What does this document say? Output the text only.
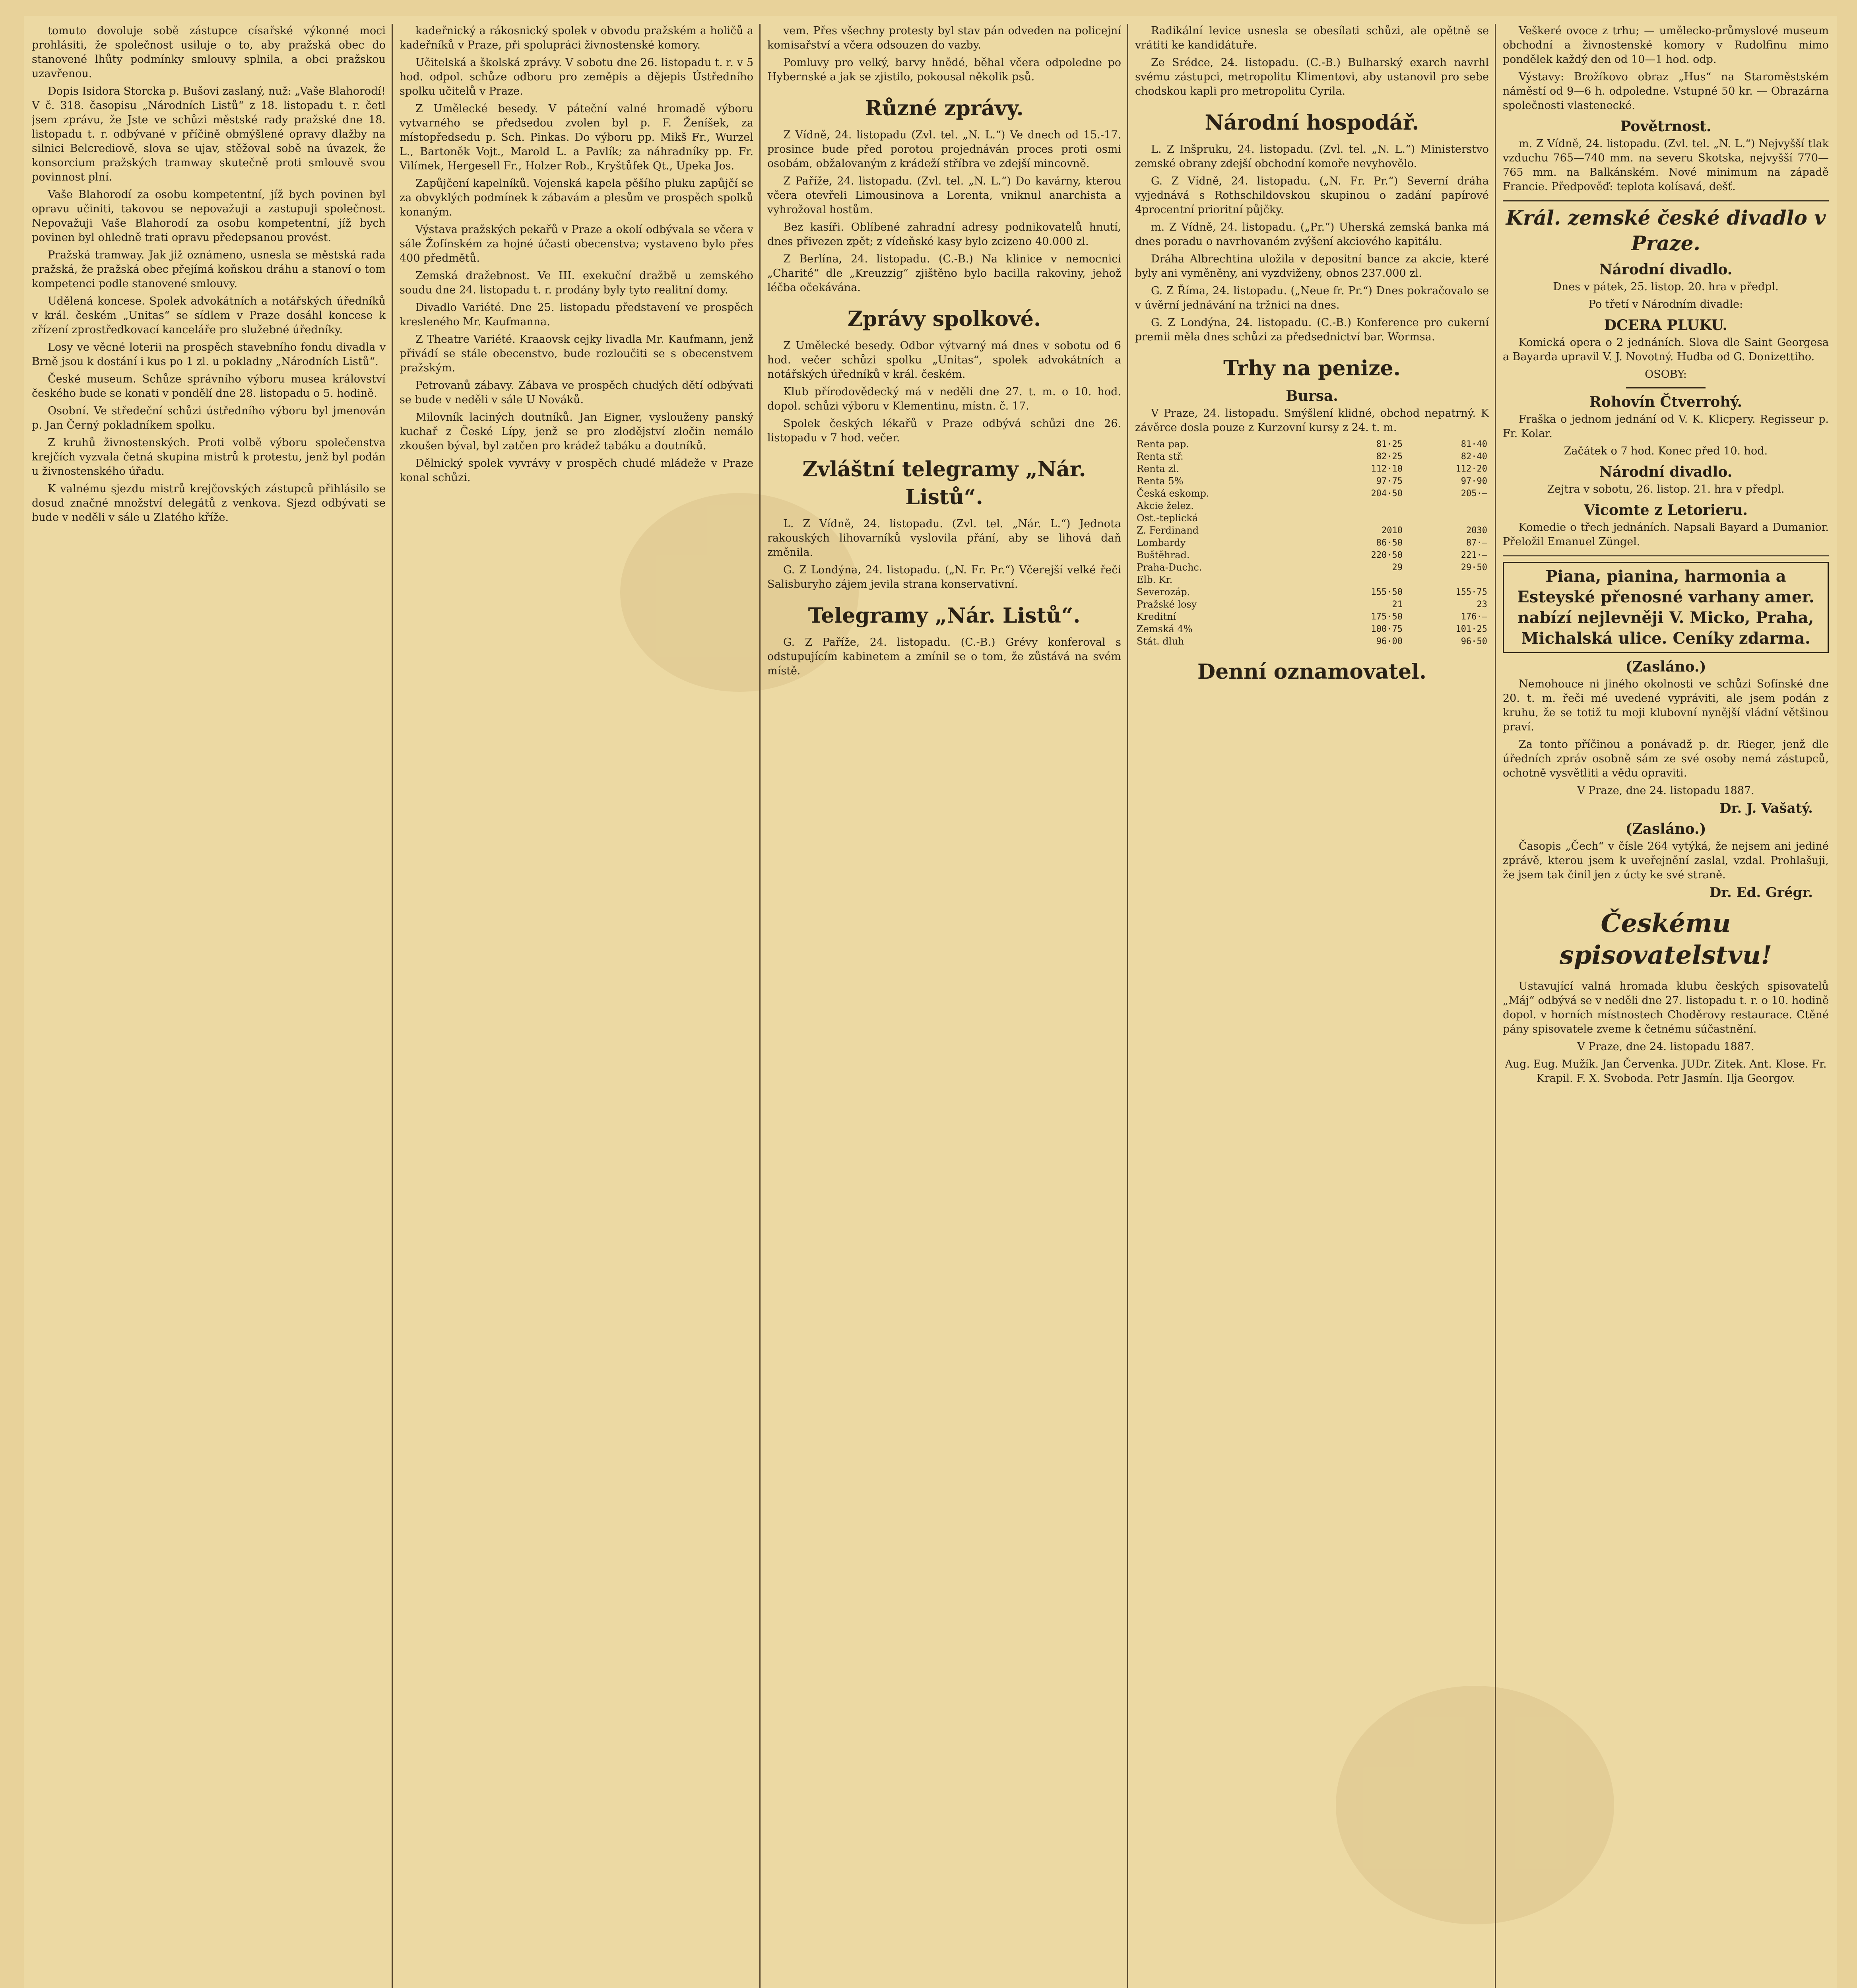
tomuto dovoluje sobě zástupce císařské výkonné moci prohlásiti, že společnost usiluje o to, aby pražská obec do stanovené lhůty podmínky smlouvy splnila, a obci pražskou uzavřenou.

Dopis Isidora Storcka p. Bušovi zaslaný, nuž: „Vaše Blahorodí! V č. 318. časopisu „Národních Listů“ z 18. listopadu t. r. četl jsem zprávu, že Jste ve schůzi městské rady pražské dne 18. listopadu t. r. odbývané v příčině obmýšlené opravy dlažby na silnici Belcrediově, slova se ujav, stěžoval sobě na úvazek, že konsorcium pražských tramway skutečně proti smlouvě svou povinnost plní.

Vaše Blahorodí za osobu kompetentní, jíž bych povinen byl opravu učiniti, takovou se nepovažuji a zastupuji společnost. Nepovažuji Vaše Blahorodí za osobu kompetentní, jíž bych povinen byl ohledně trati opravu předepsanou provést.

Pražská tramway. Jak již oznámeno, usnesla se městská rada pražská, že pražská obec přejímá koňskou dráhu a stanoví o tom kompetenci podle stanovené smlouvy.

Udělená koncese. Spolek advokátních a notářských úředníků v král. českém „Unitas“ se sídlem v Praze dosáhl koncese k zřízení zprostředkovací kanceláře pro služebné úředníky.

Losy ve věcné loterii na prospěch stavebního fondu divadla v Brně jsou k dostání i kus po 1 zl. u pokladny „Národních Listů“.

České museum. Schůze správního výboru musea království českého bude se konati v pondělí dne 28. listopadu o 5. hodině.

Osobní. Ve středeční schůzi ústředního výboru byl jmenován p. Jan Černý pokladníkem spolku.

Z kruhů živnostenských. Proti volbě výboru společenstva krejčích vyzvala četná skupina mistrů k protestu, jenž byl podán u živnostenského úřadu.

K valnému sjezdu mistrů krejčovských zástupců přihlásilo se dosud značné množství delegátů z venkova. Sjezd odbývati se bude v neděli v sále u Zlatého kříže.

kadeřnický a rákosnický spolek v obvodu pražském a holičů a kadeřníků v Praze, při spolupráci živnostenské komory.

Učitelská a školská zprávy. V sobotu dne 26. listopadu t. r. v 5 hod. odpol. schůze odboru pro zeměpis a dějepis Ústředního spolku učitelů v Praze.

Z Umělecké besedy. V páteční valné hromadě výboru vytvarného se předsedou zvolen byl p. F. Ženíšek, za místopředsedu p. Sch. Pinkas. Do výboru pp. Mikš Fr., Wurzel L., Bartoněk Vojt., Marold L. a Pavlík; za náhradníky pp. Fr. Vilímek, Hergesell Fr., Holzer Rob., Kryštůfek Qt., Upeka Jos.

Zapůjčení kapelníků. Vojenská kapela pěšího pluku zapůjčí se za obvyklých podmínek k zábavám a plesům ve prospěch spolků konaným.

Výstava pražských pekařů v Praze a okolí odbývala se včera v sále Žofínském za hojné účasti obecenstva; vystaveno bylo přes 400 předmětů.

Zemská dražebnost. Ve III. exekuční dražbě u zemského soudu dne 24. listopadu t. r. prodány byly tyto realitní domy.

Divadlo Variété. Dne 25. listopadu představení ve prospěch kresleného Mr. Kaufmanna.

Z Theatre Variété. Kraaovsk cejky livadla Mr. Kaufmann, jenž přivádí se stále obecenstvo, bude rozloučiti se s obecenstvem pražským.

Petrovanů zábavy. Zábava ve prospěch chudých dětí odbývati se bude v neděli v sále U Nováků.

Milovník laciných doutníků. Jan Eigner, vyslouženy panský kuchař z České Lípy, jenž se pro zlodějství zločin nemálo zkoušen býval, byl zatčen pro krádež tabáku a doutníků.

Dělnický spolek vyvrávy v prospěch chudé mládeže v Praze konal schůzi.

vem. Přes všechny protesty byl stav pán odveden na policejní komisařství a včera odsouzen do vazby.

Pomluvy pro velký, barvy hnědé, běhal včera odpoledne po Hybernské a jak se zjistilo, pokousal několik psů.

Různé zprávy.

Z Vídně, 24. listopadu (Zvl. tel. „N. L.“) Ve dnech od 15.-17. prosince bude před porotou projednáván proces proti osmi osobám, obžalovaným z krádeží stříbra ve zdejší mincovně.

Z Paříže, 24. listopadu. (Zvl. tel. „N. L.“) Do kavárny, kterou včera otevřeli Limousinova a Lorenta, vniknul anarchista a vyhrožoval hostům.

Bez kasíři. Oblíbené zahradní adresy podnikovatelů hnutí, dnes přivezen zpět; z vídeňské kasy bylo zcizeno 40.000 zl.

Z Berlína, 24. listopadu. (C.-B.) Na klinice v nemocnici „Charité“ dle „Kreuzzig“ zjištěno bylo bacilla rakoviny, jehož léčba očekávána.

Zprávy spolkové.

Z Umělecké besedy. Odbor výtvarný má dnes v sobotu od 6 hod. večer schůzi spolku „Unitas“, spolek advokátních a notářských úředníků v král. českém.

Klub přírodovědecký má v neděli dne 27. t. m. o 10. hod. dopol. schůzi výboru v Klementinu, místn. č. 17.

Spolek českých lékařů v Praze odbývá schůzi dne 26. listopadu v 7 hod. večer.

Zvláštní telegramy „Nár. Listů“.

L. Z Vídně, 24. listopadu. (Zvl. tel. „Nár. L.“) Jednota rakouských lihovarníků vyslovila přání, aby se lihová daň změnila.

G. Z Londýna, 24. listopadu. („N. Fr. Pr.“) Včerejší velké řeči Salisburyho zájem jevila strana konservativní.

Telegramy „Nár. Listů“.

G. Z Paříže, 24. listopadu. (C.-B.) Grévy konferoval s odstupujícím kabinetem a zmínil se o tom, že zůstává na svém místě.

Radikální levice usnesla se obesílati schůzi, ale opětně se vrátiti ke kandidátuře.

Ze Srédce, 24. listopadu. (C.-B.) Bulharský exarch navrhl svému zástupci, metropolitu Klimentovi, aby ustanovil pro sebe chodskou kapli pro metropolitu Cyrila.

Národní hospodář.

L. Z Inšpruku, 24. listopadu. (Zvl. tel. „N. L.“) Ministerstvo zemské obrany zdejší obchodní komoře nevyhovělo.

G. Z Vídně, 24. listopadu. („N. Fr. Pr.“) Severní dráha vyjednává s Rothschildovskou skupinou o zadání papírové 4procentní prioritní půjčky.

m. Z Vídně, 24. listopadu. („Pr.“) Uherská zemská banka má dnes poradu o navrhovaném zvýšení akciového kapitálu.

Dráha Albrechtina uložila v depositní bance za akcie, které byly ani vyměněny, ani vyzdviženy, obnos 237.000 zl.

G. Z Říma, 24. listopadu. („Neue fr. Pr.“) Dnes pokračovalo se v úvěrní jednávání na tržnici na dnes.

G. Z Londýna, 24. listopadu. (C.-B.) Konference pro cukerní premii měla dnes schůzi za předsednictví bar. Wormsa.

Trhy na penize.
Bursa.

V Praze, 24. listopadu. Smýšlení klidné, obchod nepatrný. K závěrce dosla pouze z Kurzovní kursy z 24. t. m.

Renta pap.	81·25	81·40
Renta stř.	82·25	82·40
Renta zl.	112·10	112·20
Renta 5%	97·75	97·90
Česká eskomp.	204·50	205·—
Akcie želez.		
Ost.-teplická		
Z. Ferdinand	2010	2030
Lombardy	86·50	87·—
Buštěhrad.	220·50	221·—
Praha-Duchc.	29	29·50
Elb. Kr.		
Severozáp.	155·50	155·75
Pražské losy	21	23
Kreditní	175·50	176·—
Zemská 4%	100·75	101·25
Stát. dluh	96·00	96·50
Denní oznamovatel.

Veškeré ovoce z trhu; — umělecko-průmyslové museum obchodní a živnostenské komory v Rudolfinu mimo pondělek každý den od 10—1 hod. odp.

Výstavy: Brožíkovo obraz „Hus“ na Staroměstském náměstí od 9—6 h. odpoledne. Vstupné 50 kr. — Obrazárna společnosti vlastenecké.

Povětrnost.

m. Z Vídně, 24. listopadu. (Zvl. tel. „N. L.“) Nejvyšší tlak vzduchu 765—740 mm. na severu Skotska, nejvyšší 770—765 mm. na Balkánském. Nové minimum na západě Francie. Předpověď: teplota kolísavá, dešť.

Král. zemské české divadlo v Praze.
Národní divadlo.

Dnes v pátek, 25. listop. 20. hra v předpl.

Po třetí v Národním divadle:

DCERA PLUKU.

Komická opera o 2 jednáních. Slova dle Saint Georgesa a Bayarda upravil V. J. Novotný. Hudba od G. Donizettiho.

OSOBY:

Rohovín Čtverrohý.

Fraška o jednom jednání od V. K. Klicpery. Regisseur p. Fr. Kolar.

Začátek o 7 hod. Konec před 10. hod.

Národní divadlo.

Zejtra v sobotu, 26. listop. 21. hra v předpl.

Vicomte z Letorieru.

Komedie o třech jednáních. Napsali Bayard a Dumanior. Přeložil Emanuel Züngel.

Piana, pianina, harmonia a Esteyské přenosné varhany amer. nabízí nejlevněji V. Mickо, Praha, Michalská ulice. Ceníky zdarma.
(Zasláno.)

Nemohouce ni jiného okolnosti ve schůzi Sofínské dne 20. t. m. řeči mé uvedené vypráviti, ale jsem podán z kruhu, že se totiž tu moji klubovní nynější vládní většinou praví.

Za tonto příčinou a ponávadž p. dr. Rieger, jenž dle úředních zpráv osobně sám ze své osoby nemá zástupců, ochotně vysvětliti a vědu opraviti.

V Praze, dne 24. listopadu 1887.

Dr. J. Vašatý.
(Zasláno.)

Časopis „Čech“ v čísle 264 vytýká, že nejsem ani jediné zprávě, kterou jsem k uveřejnění zaslal, vzdal. Prohlašuji, že jsem tak činil jen z úcty ke své straně.

Dr. Ed. Grégr.
Českému spisovatelstvu!

Ustavující valná hromada klubu českých spisovatelů „Máj“ odbývá se v neděli dne 27. listopadu t. r. o 10. hodině dopol. v horních místnostech Choděrovy restaurace. Ctěné pány spisovatele zveme k četnému súčastnění.

V Praze, dne 24. listopadu 1887.

Aug. Eug. Mužík. Jan Červenka. JUDr. Zitek. Ant. Klose. Fr. Krapil. F. X. Svoboda. Petr Jasmín. Ilja Georgov.
